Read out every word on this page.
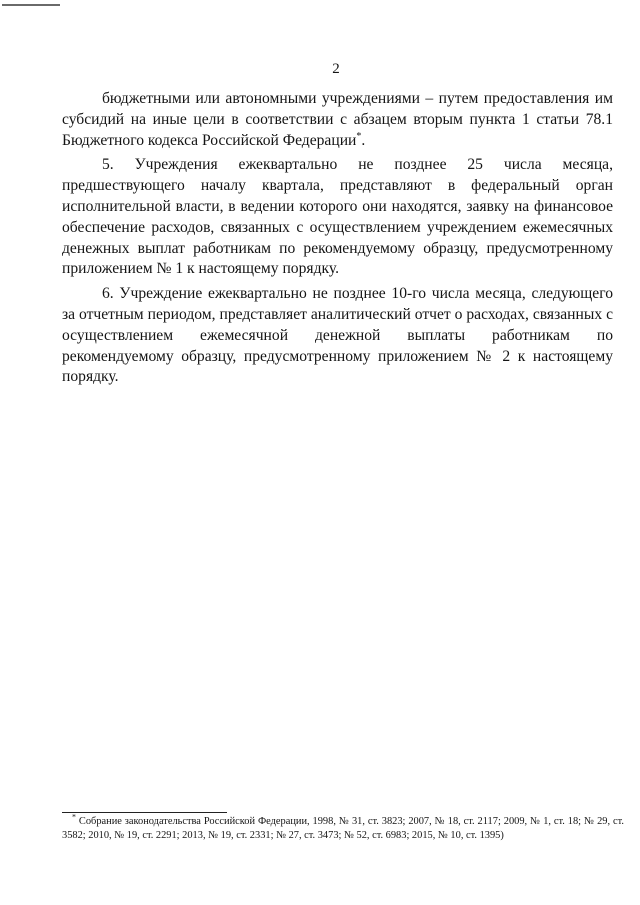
2

бюджетными или автономными учреждениями – путем предоставления им субсидий на иные цели в соответствии с абзацем вторым пункта 1 статьи 78.1 Бюджетного кодекса Российской Федерации*.

5. Учреждения ежеквартально не позднее 25 числа месяца, предшествующего началу квартала, представляют в федеральный орган исполнительной власти, в ведении которого они находятся, заявку на финансовое обеспечение расходов, связанных с осуществлением учреждением ежемесячных денежных выплат работникам по рекомендуемому образцу, предусмотренному приложением № 1 к настоящему порядку.

6. Учреждение ежеквартально не позднее 10-го числа месяца, следующего за отчетным периодом, представляет аналитический отчет о расходах, связанных с осуществлением ежемесячной денежной выплаты работникам по рекомендуемому образцу, предусмотренному приложением № 2 к настоящему порядку.

* Собрание законодательства Российской Федерации, 1998, № 31, ст. 3823; 2007, № 18, ст. 2117; 2009, № 1, ст. 18; № 29, ст. 3582; 2010, № 19, ст. 2291; 2013, № 19, ст. 2331; № 27, ст. 3473; № 52, ст. 6983; 2015, № 10, ст. 1395)
